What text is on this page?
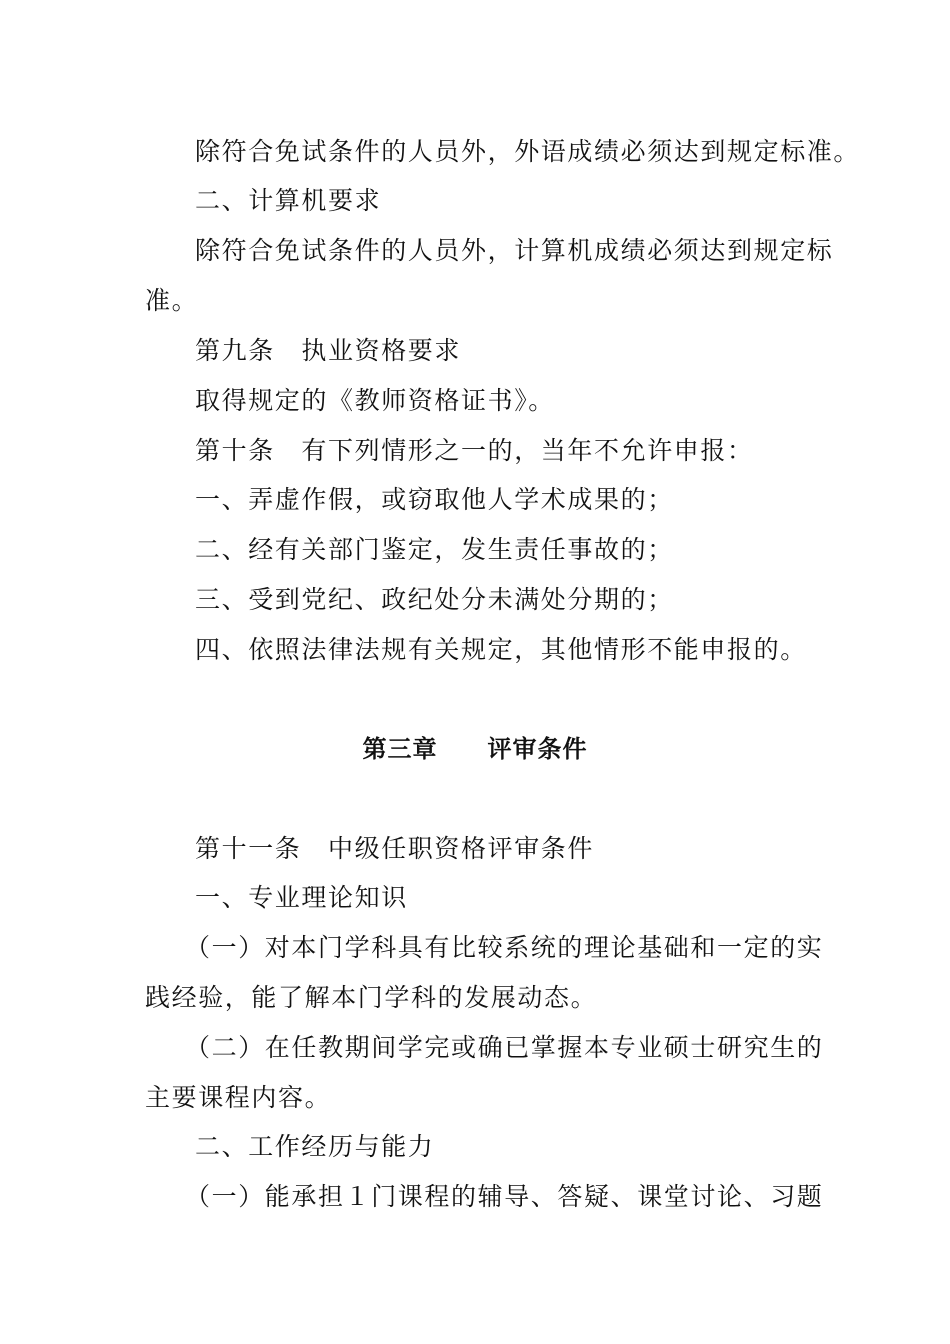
除符合免试条件的人员外，外语成绩必须达到规定标准。
二、计算机要求
除符合免试条件的人员外，计算机成绩必须达到规定标
准。
第九条　执业资格要求
取得规定的《教师资格证书》。
第十条　有下列情形之一的，当年不允许申报：
一、弄虚作假，或窃取他人学术成果的；
二、经有关部门鉴定，发生责任事故的；
三、受到党纪、政纪处分未满处分期的；
四、依照法律法规有关规定，其他情形不能申报的。
第三章　　评审条件
第十一条　中级任职资格评审条件
一、专业理论知识
（一）对本门学科具有比较系统的理论基础和一定的实
践经验，能了解本门学科的发展动态。
（二）在任教期间学完或确已掌握本专业硕士研究生的
主要课程内容。
二、工作经历与能力
（一）能承担１门课程的辅导、答疑、课堂讨论、习题
